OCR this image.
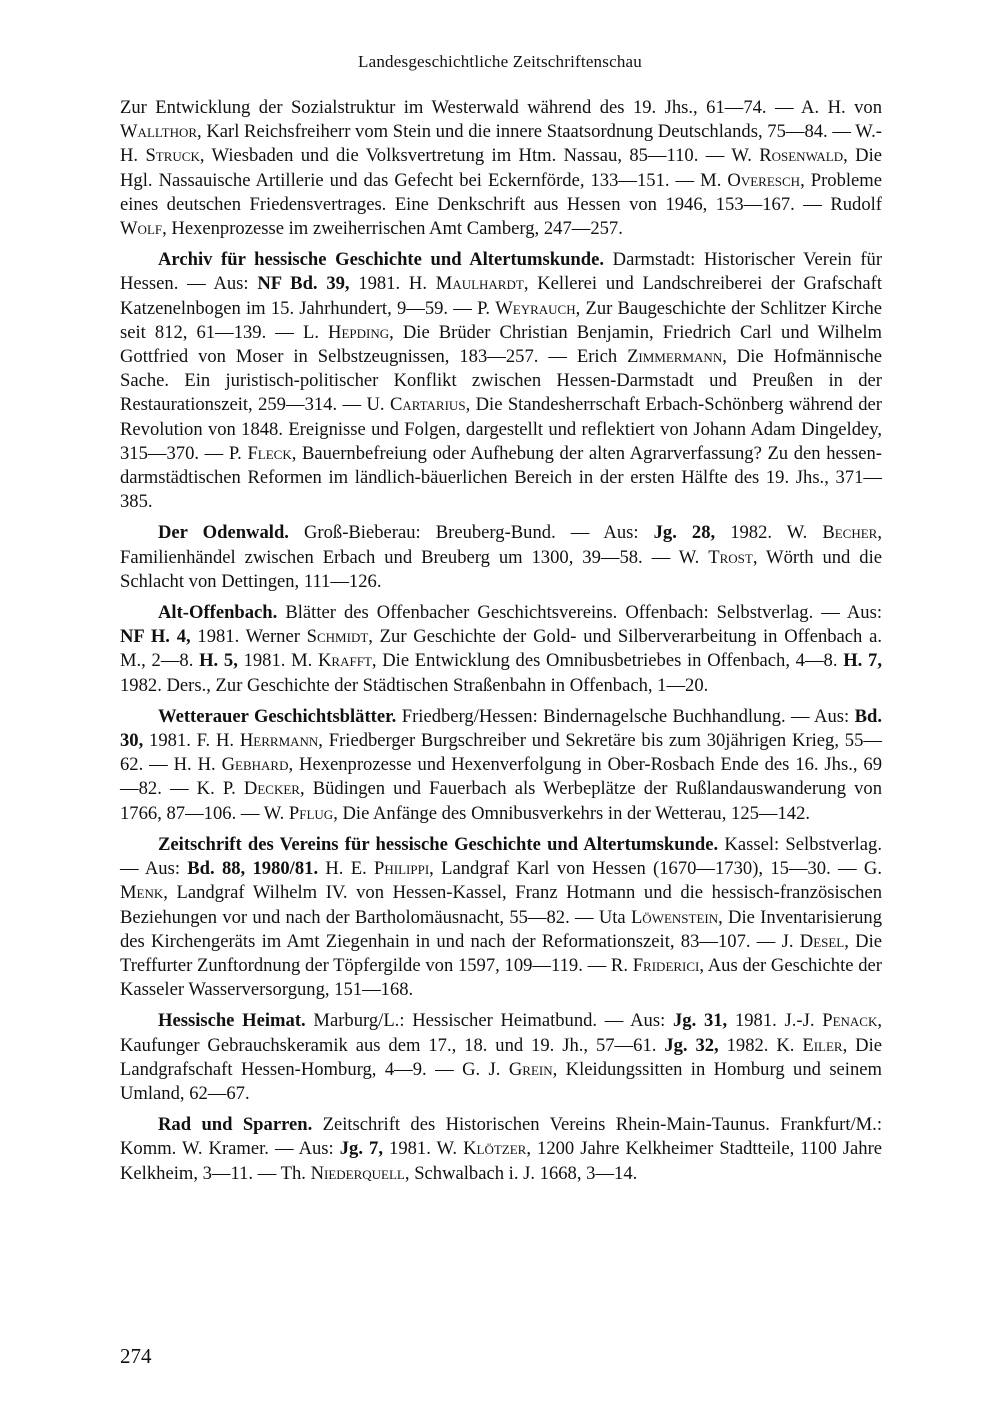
Landesgeschichtliche Zeitschriftenschau

Zur Entwicklung der Sozialstruktur im Westerwald während des 19. Jhs., 61—74. — A. H. von Wallthor, Karl Reichsfreiherr vom Stein und die innere Staatsordnung Deutschlands, 75—84. — W.-H. Struck, Wiesbaden und die Volksvertretung im Htm. Nassau, 85—110. — W. Rosenwald, Die Hgl. Nassauische Artillerie und das Gefecht bei Eckernförde, 133—151. — M. Overesch, Probleme eines deutschen Friedensvertrages. Eine Denkschrift aus Hessen von 1946, 153—167. — Rudolf Wolf, Hexenprozesse im zweiherrischen Amt Camberg, 247—257.

Archiv für hessische Geschichte und Altertumskunde. Darmstadt: Historischer Verein für Hessen. — Aus: NF Bd. 39, 1981. H. Maulhardt, Kellerei und Landschreiberei der Grafschaft Katzenelnbogen im 15. Jahrhundert, 9—59. — P. Weyrauch, Zur Baugeschichte der Schlitzer Kirche seit 812, 61—139. — L. Hepding, Die Brüder Christian Benjamin, Friedrich Carl und Wilhelm Gottfried von Moser in Selbstzeugnissen, 183—257. — Erich Zimmermann, Die Hofmännische Sache. Ein juristisch-politischer Konflikt zwischen Hessen-Darmstadt und Preußen in der Restaurationszeit, 259—314. — U. Cartarius, Die Standesherrschaft Erbach-Schönberg während der Revolution von 1848. Ereignisse und Folgen, dargestellt und reflektiert von Johann Adam Dingeldey, 315—370. — P. Fleck, Bauernbefreiung oder Aufhebung der alten Agrarverfassung? Zu den hessen-darmstädtischen Reformen im ländlich-bäuerlichen Bereich in der ersten Hälfte des 19. Jhs., 371—385.

Der Odenwald. Groß-Bieberau: Breuberg-Bund. — Aus: Jg. 28, 1982. W. Becher, Familienhändel zwischen Erbach und Breuberg um 1300, 39—58. — W. Trost, Wörth und die Schlacht von Dettingen, 111—126.

Alt-Offenbach. Blätter des Offenbacher Geschichtsvereins. Offenbach: Selbstverlag. — Aus: NF H. 4, 1981. Werner Schmidt, Zur Geschichte der Gold- und Silberverarbeitung in Offenbach a. M., 2—8. H. 5, 1981. M. Krafft, Die Entwicklung des Omnibusbetriebes in Offenbach, 4—8. H. 7, 1982. Ders., Zur Geschichte der Städtischen Straßenbahn in Offenbach, 1—20.

Wetterauer Geschichtsblätter. Friedberg/Hessen: Bindernagelsche Buchhandlung. — Aus: Bd. 30, 1981. F. H. Herrmann, Friedberger Burgschreiber und Sekretäre bis zum 30jährigen Krieg, 55—62. — H. H. Gebhard, Hexenprozesse und Hexenverfolgung in Ober-Rosbach Ende des 16. Jhs., 69—82. — K. P. Decker, Büdingen und Fauerbach als Werbeplätze der Rußlandauswanderung von 1766, 87—106. — W. Pflug, Die Anfänge des Omnibusverkehrs in der Wetterau, 125—142.

Zeitschrift des Vereins für hessische Geschichte und Altertumskunde. Kassel: Selbstverlag. — Aus: Bd. 88, 1980/81. H. E. Philippi, Landgraf Karl von Hessen (1670—1730), 15—30. — G. Menk, Landgraf Wilhelm IV. von Hessen-Kassel, Franz Hotmann und die hessisch-französischen Beziehungen vor und nach der Bartholomäusnacht, 55—82. — Uta Löwenstein, Die Inventarisierung des Kirchengeräts im Amt Ziegenhain in und nach der Reformationszeit, 83—107. — J. Desel, Die Treffurter Zunftordnung der Töpfergilde von 1597, 109—119. — R. Friderici, Aus der Geschichte der Kasseler Wasserversorgung, 151—168.

Hessische Heimat. Marburg/L.: Hessischer Heimatbund. — Aus: Jg. 31, 1981. J.-J. Penack, Kaufunger Gebrauchskeramik aus dem 17., 18. und 19. Jh., 57—61. Jg. 32, 1982. K. Eiler, Die Landgrafschaft Hessen-Homburg, 4—9. — G. J. Grein, Kleidungssitten in Homburg und seinem Umland, 62—67.

Rad und Sparren. Zeitschrift des Historischen Vereins Rhein-Main-Taunus. Frankfurt/M.: Komm. W. Kramer. — Aus: Jg. 7, 1981. W. Klötzer, 1200 Jahre Kelkheimer Stadtteile, 1100 Jahre Kelkheim, 3—11. — Th. Niederquell, Schwalbach i. J. 1668, 3—14.

274
